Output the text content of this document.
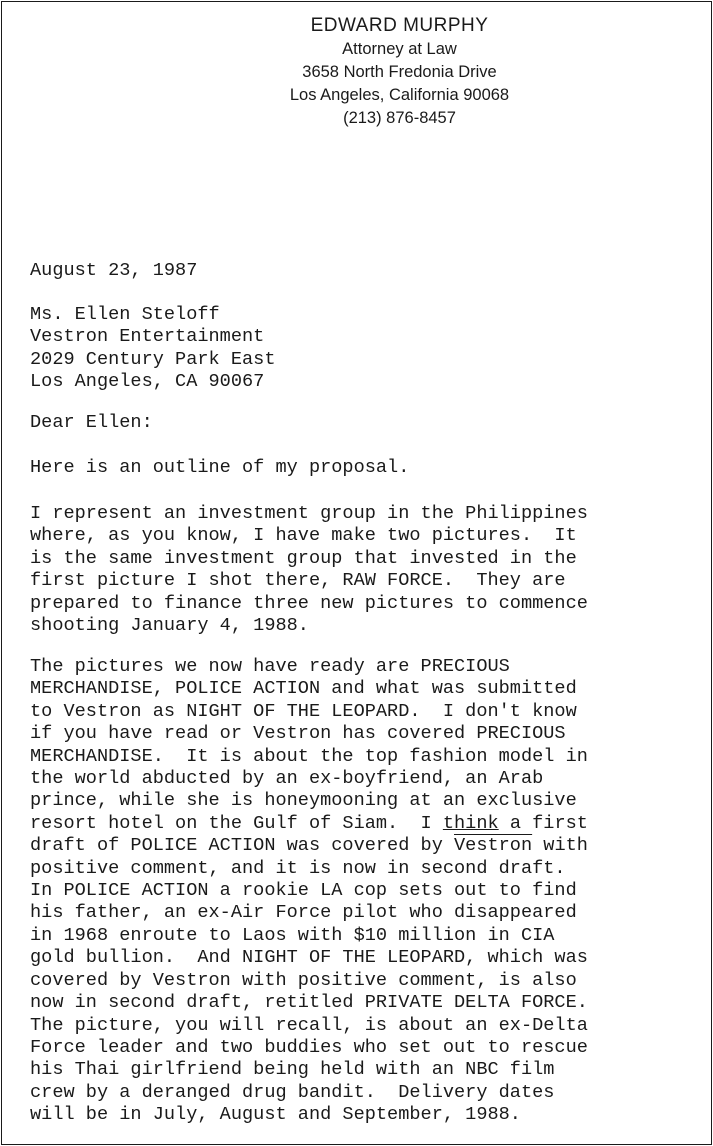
EDWARD MURPHY
Attorney at Law
3658 North Fredonia Drive
Los Angeles, California 90068
(213) 876-8457
August 23, 1987
Ms. Ellen Steloff
Vestron Entertainment
2029 Century Park East
Los Angeles, CA 90067
Dear Ellen:
Here is an outline of my proposal.
I represent an investment group in the Philippines
where, as you know, I have make two pictures.  It
is the same investment group that invested in the
first picture I shot there, RAW FORCE.  They are
prepared to finance three new pictures to commence
shooting January 4, 1988.
The pictures we now have ready are PRECIOUS
MERCHANDISE, POLICE ACTION and what was submitted
to Vestron as NIGHT OF THE LEOPARD.  I don't know
if you have read or Vestron has covered PRECIOUS
MERCHANDISE.  It is about the top fashion model in
the world abducted by an ex-boyfriend, an Arab
prince, while she is honeymooning at an exclusive
resort hotel on the Gulf of Siam.  I think a first
draft of POLICE ACTION was covered by Vestron with
positive comment, and it is now in second draft.
In POLICE ACTION a rookie LA cop sets out to find
his father, an ex-Air Force pilot who disappeared
in 1968 enroute to Laos with $10 million in CIA
gold bullion.  And NIGHT OF THE LEOPARD, which was
covered by Vestron with positive comment, is also
now in second draft, retitled PRIVATE DELTA FORCE.
The picture, you will recall, is about an ex-Delta
Force leader and two buddies who set out to rescue
his Thai girlfriend being held with an NBC film
crew by a deranged drug bandit.  Delivery dates
will be in July, August and September, 1988.
